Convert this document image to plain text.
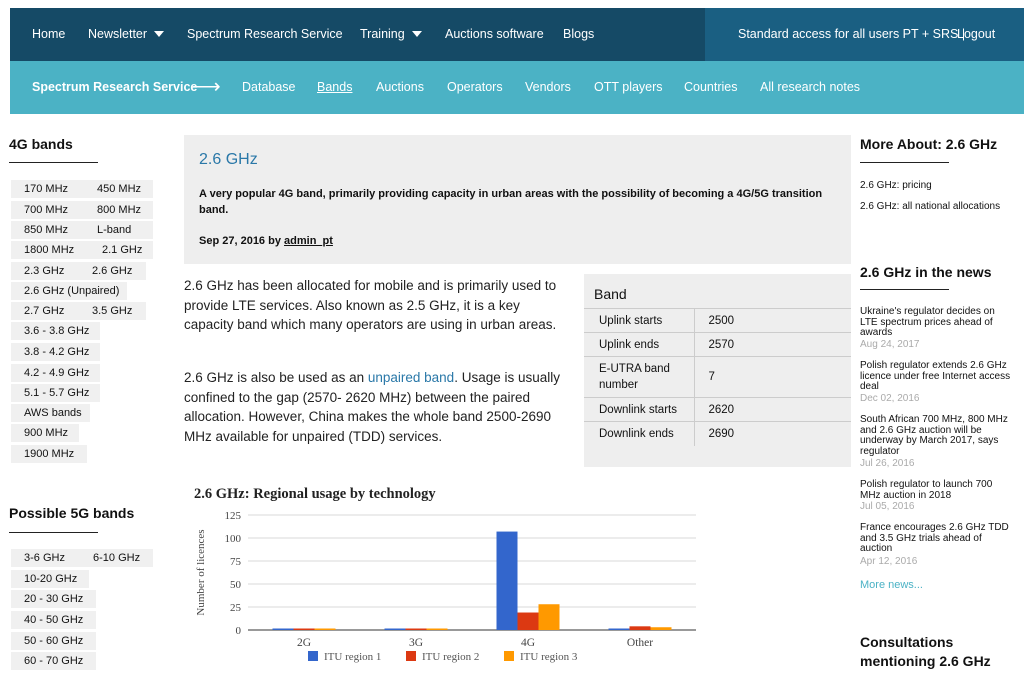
Home Newsletter	Spectrum Research Service Training	Auctions software Blogs	Standard access for all users PT + SRS |
Logout
Spectrum Research Service
⟶ Database Bands Auctions Operators Vendors OTT players Countries All research notes
4G bands
170 MHz	450 MHz
700 MHz	800 MHz
850 MHz	L-band
1800 MHz	2.1 GHz
2.3 GHz	2.6 GHz
2.6 GHz (Unpaired)
2.7 GHz	3.5 GHz
3.6 - 3.8 GHz
3.8 - 4.2 GHz
4.2 - 4.9 GHz
5.1 - 5.7 GHz
AWS bands
900 MHz
1900 MHz
Possible 5G bands
3-6 GHz	6-10 GHz
10-20 GHz
20 - 30 GHz
40 - 50 GHz
50 - 60 GHz
60 - 70 GHz
2.6 GHz
A very popular 4G band, primarily providing capacity in urban areas with the possibility of becoming a 4G/5G transition band.
Sep 27, 2016 by admin_pt
2.6 GHz has been allocated for mobile and is primarily used to provide LTE services. Also known as 2.5 GHz, it is a key capacity band which many operators are using in urban areas.
2.6 GHz is also be used as an unpaired band. Usage is usually confined to the gap (2570- 2620 MHz) between the paired allocation. However, China makes the whole band 2500-2690 MHz available for unpaired (TDD) services.
Band
Uplink starts	2500
Uplink ends	2570
E-UTRA band number	7
Downlink starts	2620
Downlink ends	2690
2.6 GHz: Regional usage by technology
0
25
50
75
100
125
Number of licences
2G	3G	4G	Other
ITU region 1	ITU region 2	ITU region 3
More About: 2.6 GHz
2.6 GHz: pricing
2.6 GHz: all national allocations
2.6 GHz in the news
Ukraine's regulator decides on LTE spectrum prices ahead of awards
Aug 24, 2017
Polish regulator extends 2.6 GHz licence under free Internet access deal
Dec 02, 2016
South African 700 MHz, 800 MHz and 2.6 GHz auction will be underway by March 2017, says regulator
Jul 26, 2016
Polish regulator to launch 700 MHz auction in 2018
Jul 05, 2016
France encourages 2.6 GHz TDD and 3.5 GHz trials ahead of auction
Apr 12, 2016
More news...
Consultations mentioning 2.6 GHz
